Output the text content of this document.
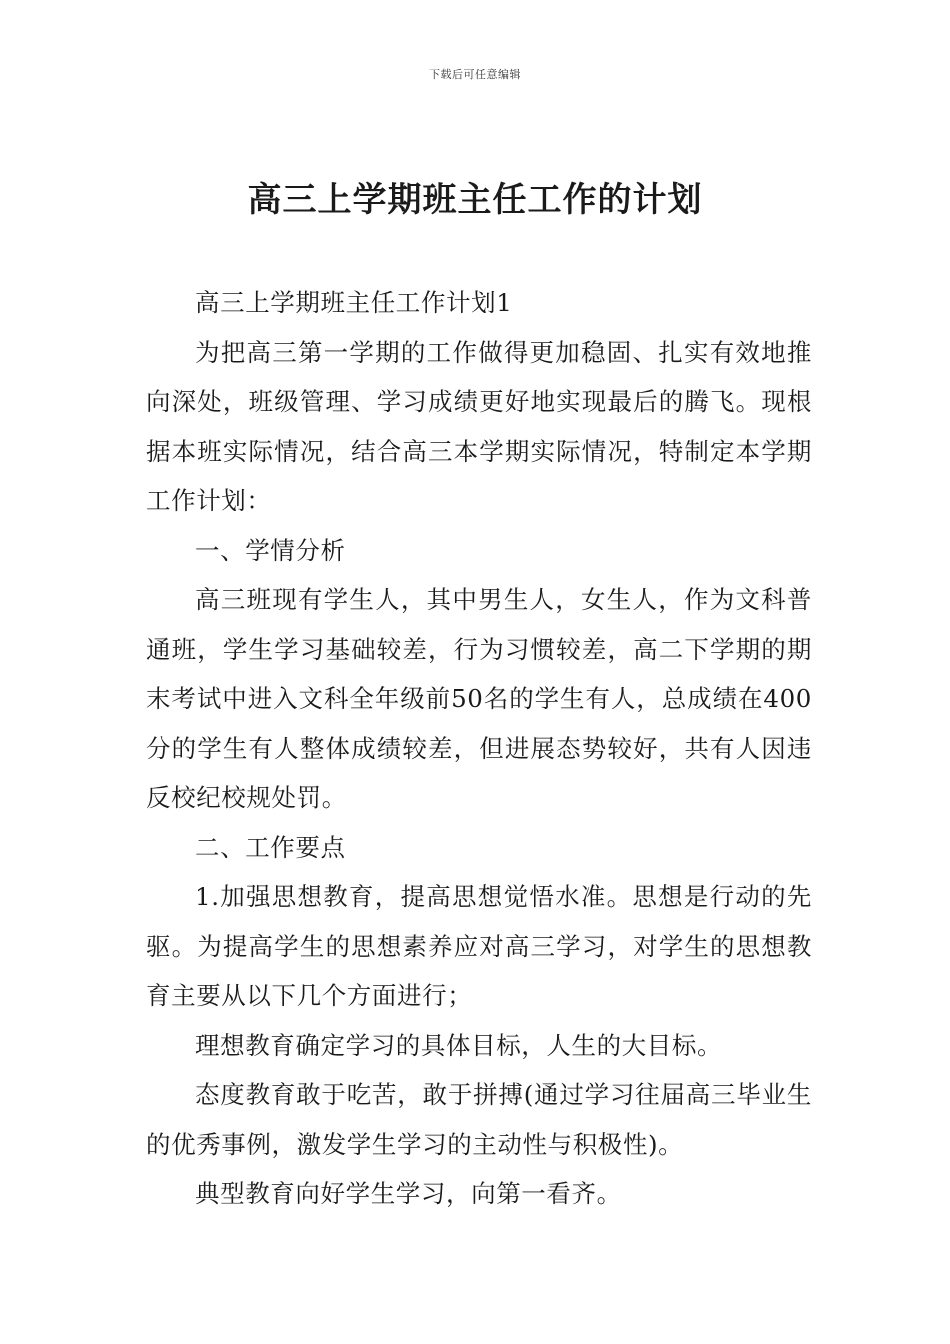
下载后可任意编辑
高三上学期班主任工作的计划

高三上学期班主任工作计划1

为把高三第一学期的工作做得更加稳固、扎实有效地推向深处，班级管理、学习成绩更好地实现最后的腾飞。现根据本班实际情况，结合高三本学期实际情况，特制定本学期工作计划：

一、学情分析

高三班现有学生人，其中男生人，女生人，作为文科普通班，学生学习基础较差，行为习惯较差，高二下学期的期末考试中进入文科全年级前50名的学生有人，总成绩在400分的学生有人整体成绩较差，但进展态势较好，共有人因违反校纪校规处罚。

二、工作要点

1.加强思想教育，提高思想觉悟水准。思想是行动的先驱。为提高学生的思想素养应对高三学习，对学生的思想教育主要从以下几个方面进行；

理想教育确定学习的具体目标，人生的大目标。

态度教育敢于吃苦，敢于拼搏(通过学习往届高三毕业生的优秀事例，激发学生学习的主动性与积极性)。

典型教育向好学生学习，向第一看齐。
